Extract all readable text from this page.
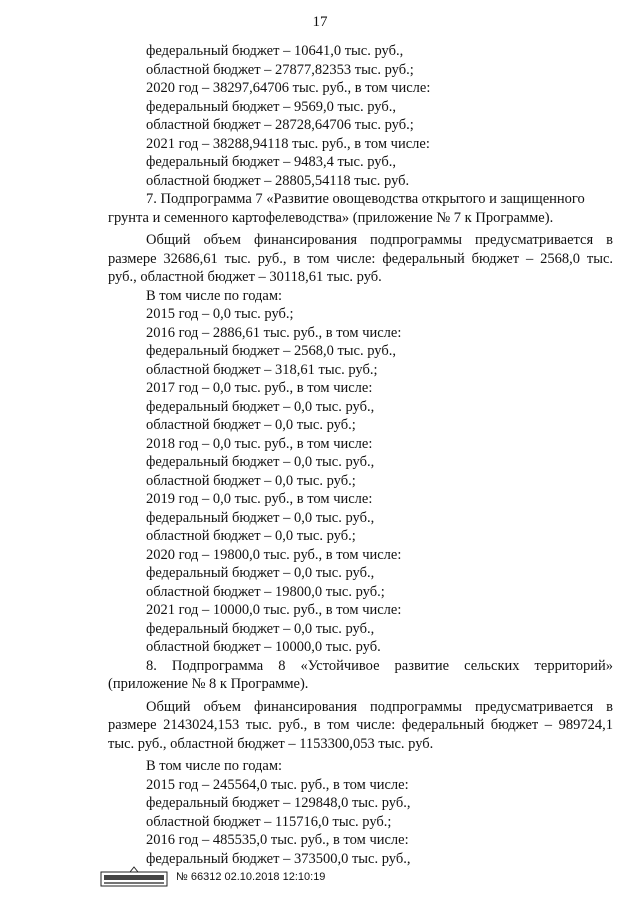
17
федеральный бюджет – 10641,0 тыс. руб.,
областной бюджет – 27877,82353 тыс. руб.;
2020 год – 38297,64706 тыс. руб., в том числе:
федеральный бюджет – 9569,0 тыс. руб.,
областной бюджет – 28728,64706 тыс. руб.;
2021 год – 38288,94118 тыс. руб., в том числе:
федеральный бюджет – 9483,4 тыс. руб.,
областной бюджет – 28805,54118 тыс. руб.
7. Подпрограмма 7 «Развитие овощеводства открытого и защищенного
грунта и семенного картофелеводства» (приложение № 7 к Программе).
Общий объем финансирования подпрограммы предусматривается в
размере 32686,61 тыс. руб., в том числе: федеральный бюджет – 2568,0 тыс.
руб., областной бюджет – 30118,61 тыс. руб.
В том числе по годам:
2015 год – 0,0 тыс. руб.;
2016 год – 2886,61 тыс. руб., в том числе:
федеральный бюджет – 2568,0 тыс. руб.,
областной бюджет – 318,61 тыс. руб.;
2017 год – 0,0 тыс. руб., в том числе:
федеральный бюджет – 0,0 тыс. руб.,
областной бюджет – 0,0 тыс. руб.;
2018 год – 0,0 тыс. руб., в том числе:
федеральный бюджет – 0,0 тыс. руб.,
областной бюджет – 0,0 тыс. руб.;
2019 год – 0,0 тыс. руб., в том числе:
федеральный бюджет – 0,0 тыс. руб.,
областной бюджет – 0,0 тыс. руб.;
2020 год – 19800,0 тыс. руб., в том числе:
федеральный бюджет – 0,0 тыс. руб.,
областной бюджет – 19800,0 тыс. руб.;
2021 год – 10000,0 тыс. руб., в том числе:
федеральный бюджет – 0,0 тыс. руб.,
областной бюджет – 10000,0 тыс. руб.
8. Подпрограмма 8 «Устойчивое развитие сельских территорий»
(приложение № 8 к Программе).
Общий объем финансирования подпрограммы предусматривается в
размере 2143024,153 тыс. руб., в том числе: федеральный бюджет – 989724,1
тыс. руб., областной бюджет – 1153300,053 тыс. руб.
В том числе по годам:
2015 год – 245564,0 тыс. руб., в том числе:
федеральный бюджет – 129848,0 тыс. руб.,
областной бюджет – 115716,0 тыс. руб.;
2016 год – 485535,0 тыс. руб., в том числе:
федеральный бюджет – 373500,0 тыс. руб.,
№ 66312 02.10.2018 12:10:19
